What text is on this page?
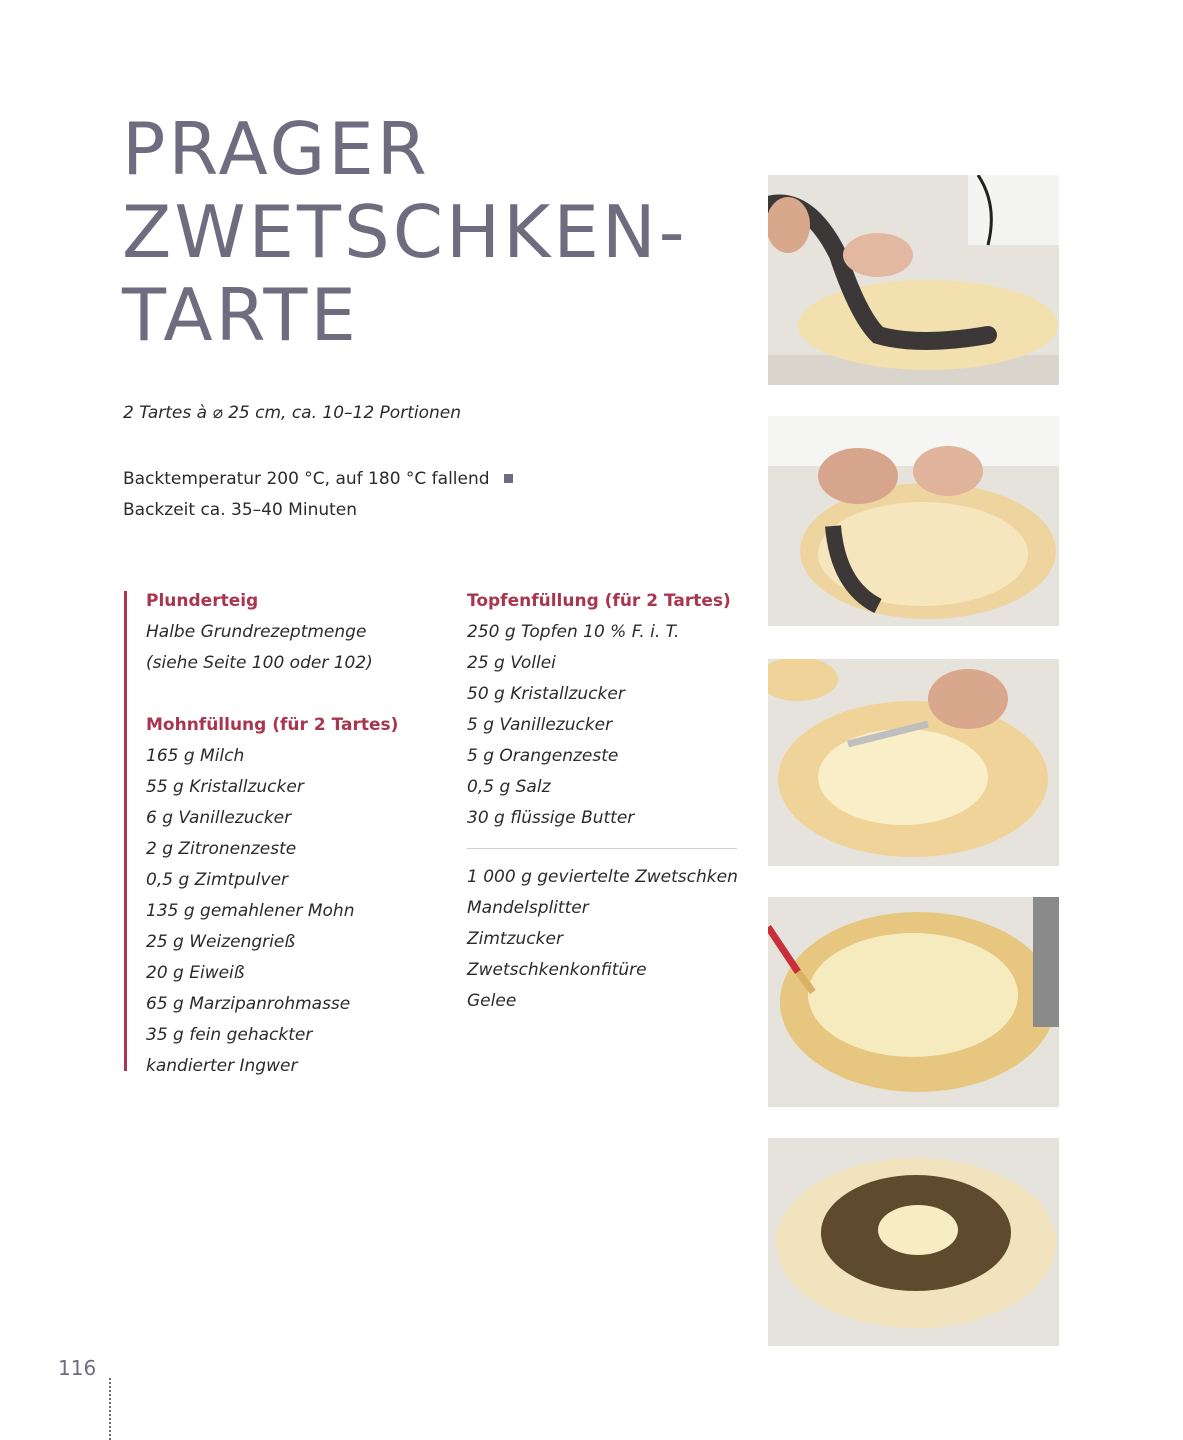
PRAGER
ZWETSCHKEN-
TARTE
2 Tartes à ⌀ 25 cm, ca. 10–12 Portionen
Backtemperatur 200 °C, auf 180 °C fallend
Backzeit ca. 35–40 Minuten
Plunderteig
Halbe Grundrezeptmenge
(siehe Seite 100 oder 102)
Mohnfüllung (für 2 Tartes)
165 g Milch
55 g Kristallzucker
6 g Vanillezucker
2 g Zitronenzeste
0,5 g Zimtpulver
135 g gemahlener Mohn
25 g Weizengrieß
20 g Eiweiß
65 g Marzipanrohmasse
35 g fein gehackter
kandierter Ingwer
Topfenfüllung (für 2 Tartes)
250 g Topfen 10 % F. i. T.
25 g Vollei
50 g Kristallzucker
5 g Vanillezucker
5 g Orangenzeste
0,5 g Salz
30 g flüssige Butter
1 000 g geviertelte Zwetschken
Mandelsplitter
Zimtzucker
Zwetschkenkonfitüre
Gelee
116
